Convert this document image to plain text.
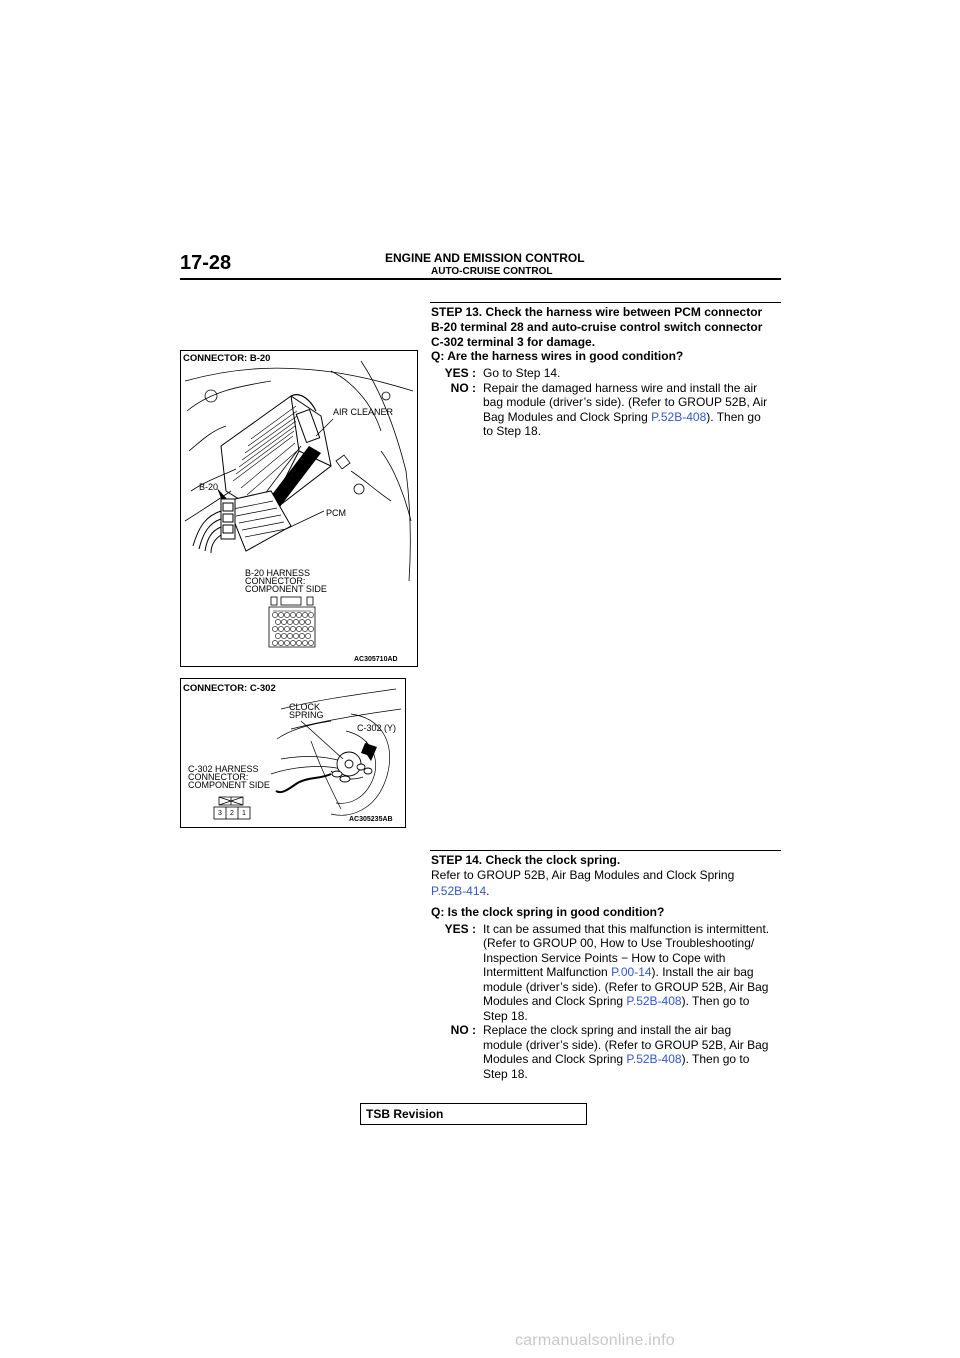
17-28	ENGINE AND EMISSION CONTROL
AUTO-CRUISE CONTROL
CONNECTOR: B-20
AIR CLEANER
B-20
PCM
B-20 HARNESS
CONNECTOR:
COMPONENT SIDE
AC305710AD
CONNECTOR: C-302
CLOCK
SPRING
C-302 (Y)
C-302 HARNESS
CONNECTOR:
COMPONENT SIDE
3 2 1
AC305235AB
STEP 13. Check the harness wire between PCM connector
B-20 terminal 28 and auto-cruise control switch connector
C-302 terminal 3 for damage.
Q: Are the harness wires in good condition?
YES : Go to Step 14.
NO : Repair the damaged harness wire and install the air
bag module (driver’s side). (Refer to GROUP 52B, Air
Bag Modules and Clock Spring P.52B-408). Then go
to Step 18.
STEP 14. Check the clock spring.
Refer to GROUP 52B, Air Bag Modules and Clock Spring
P.52B-414.
Q: Is the clock spring in good condition?
YES : It can be assumed that this malfunction is intermittent.
(Refer to GROUP 00, How to Use Troubleshooting/
Inspection Service Points − How to Cope with
Intermittent Malfunction P.00-14). Install the air bag
module (driver’s side). (Refer to GROUP 52B, Air Bag
Modules and Clock Spring P.52B-408). Then go to
Step 18.
NO : Replace the clock spring and install the air bag
module (driver’s side). (Refer to GROUP 52B, Air Bag
Modules and Clock Spring P.52B-408). Then go to
Step 18.
TSB Revision
carmanualsonline.info
